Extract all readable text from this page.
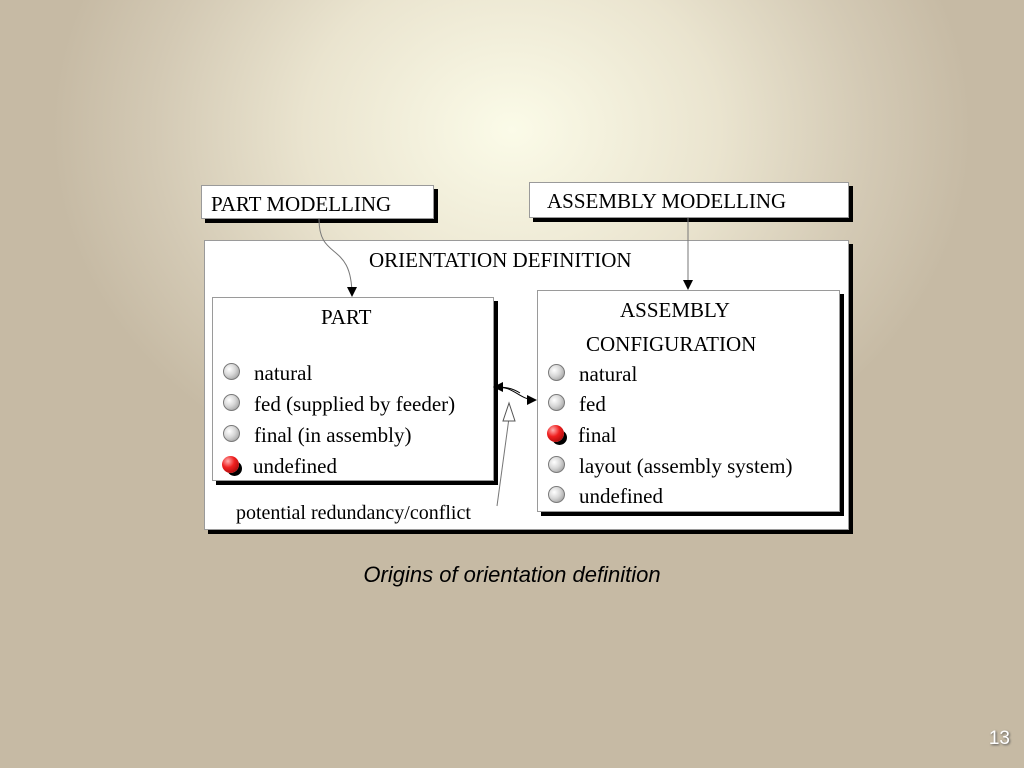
PART MODELLING	ASSEMBLY MODELLING
ORIENTATION DEFINITION
potential redundancy/conflict
PART
natural
fed (supplied by feeder)
final (in assembly)
undefined
ASSEMBLY
CONFIGURATION
natural
fed
final
layout (assembly system)
undefined
Origins of orientation definition
13
